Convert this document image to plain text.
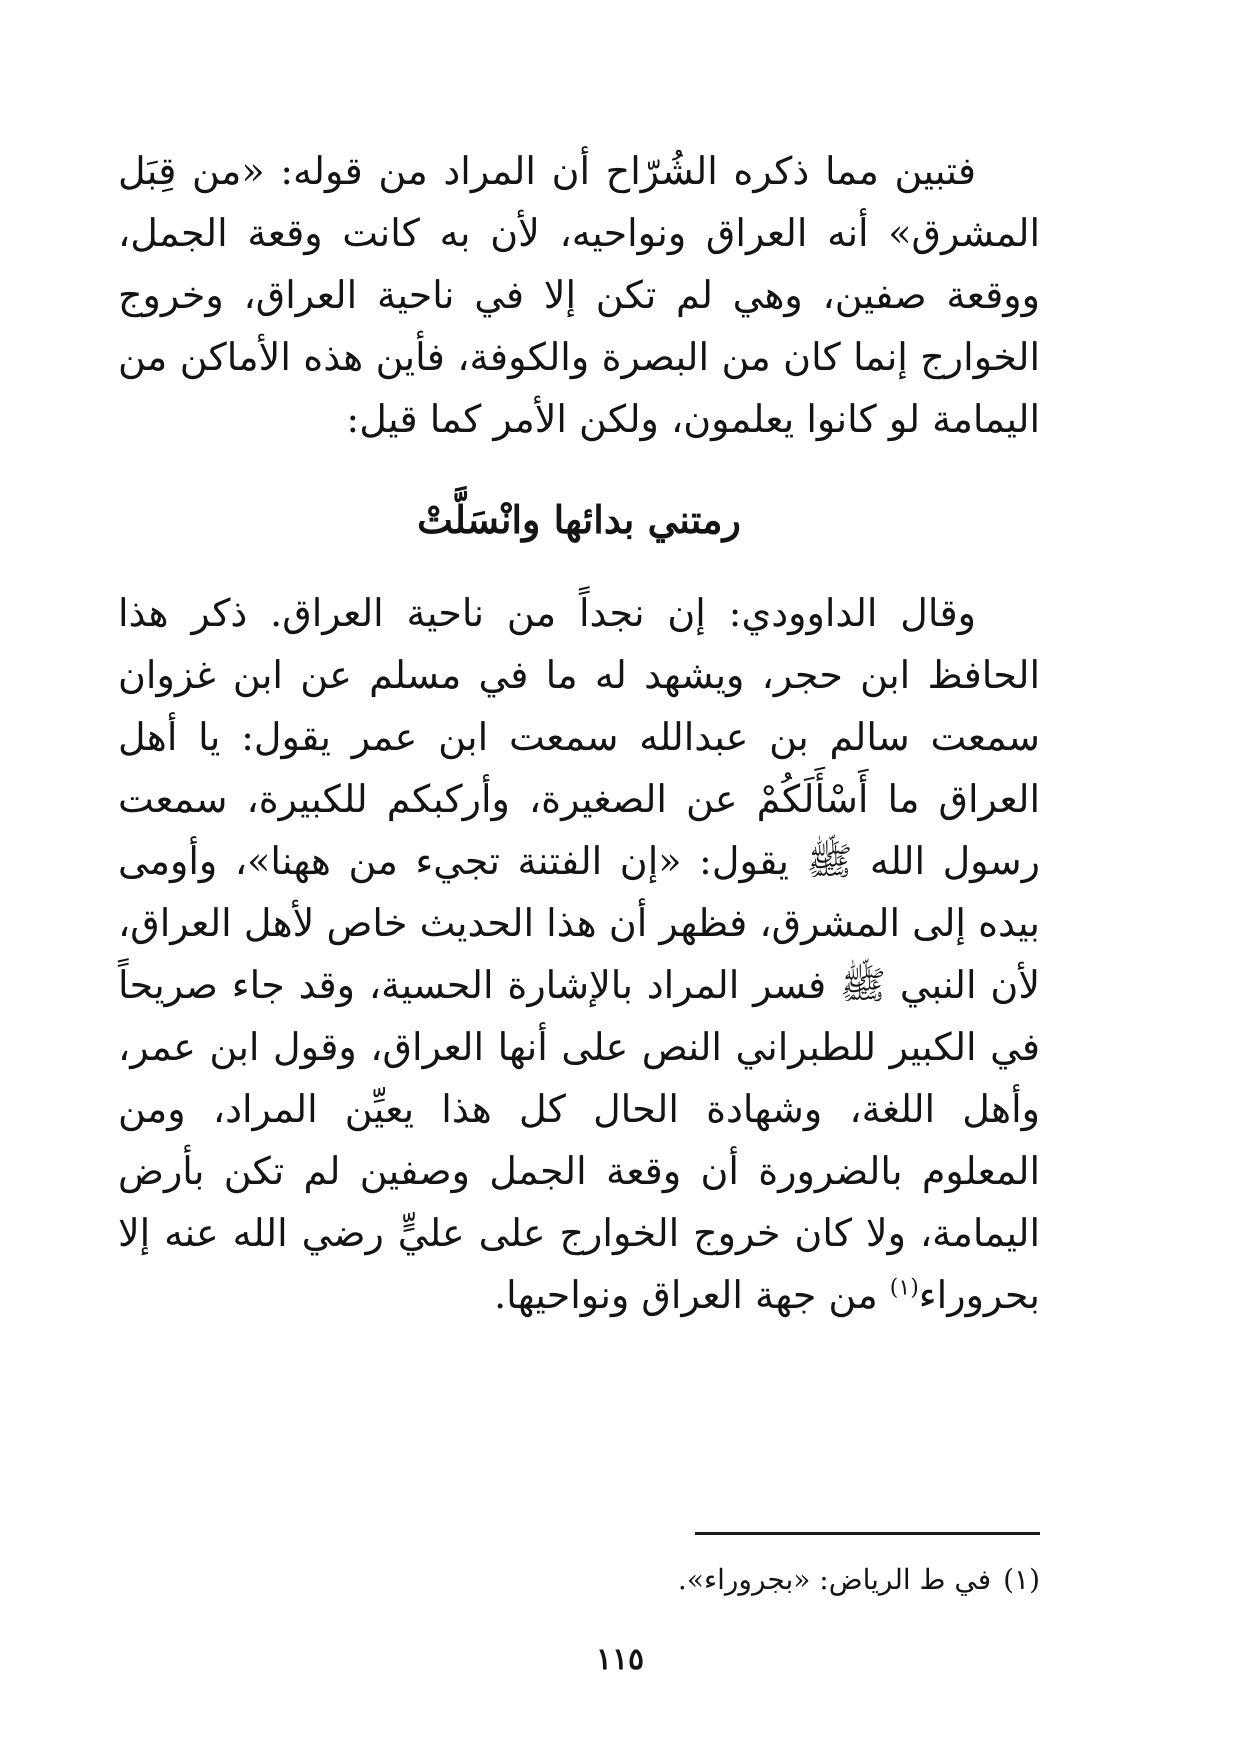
فتبين مما ذكره الشُرّاح أن المراد من قوله: «من قِبَل المشرق» أنه العراق ونواحيه، لأن به كانت وقعة الجمل، ووقعة صفين، وهي لم تكن إلا في ناحية العراق، وخروج الخوارج إنما كان من البصرة والكوفة، فأين هذه الأماكن من اليمامة لو كانوا يعلمون، ولكن الأمر كما قيل:

رمتني بدائها وانْسَلَّتْ

وقال الداوودي: إن نجداً من ناحية العراق. ذكر هذا الحافظ ابن حجر، ويشهد له ما في مسلم عن ابن غزوان سمعت سالم بن عبدالله سمعت ابن عمر يقول: يا أهل العراق ما أَسْأَلَكُمْ عن الصغيرة، وأركبكم للكبيرة، سمعت رسول الله ﷺ يقول: «إن الفتنة تجيء من ههنا»، وأومى بيده إلى المشرق، فظهر أن هذا الحديث خاص لأهل العراق، لأن النبي ﷺ فسر المراد بالإشارة الحسية، وقد جاء صريحاً في الكبير للطبراني النص على أنها العراق، وقول ابن عمر، وأهل اللغة، وشهادة الحال كل هذا يعيِّن المراد، ومن المعلوم بالضرورة أن وقعة الجمل وصفين لم تكن بأرض اليمامة، ولا كان خروج الخوارج على عليٍّ رضي الله عنه إلا بحروراء$^{(١)}$ من جهة العراق ونواحيها.

(١)في ط الرياض: «بجروراء».
١١٥
